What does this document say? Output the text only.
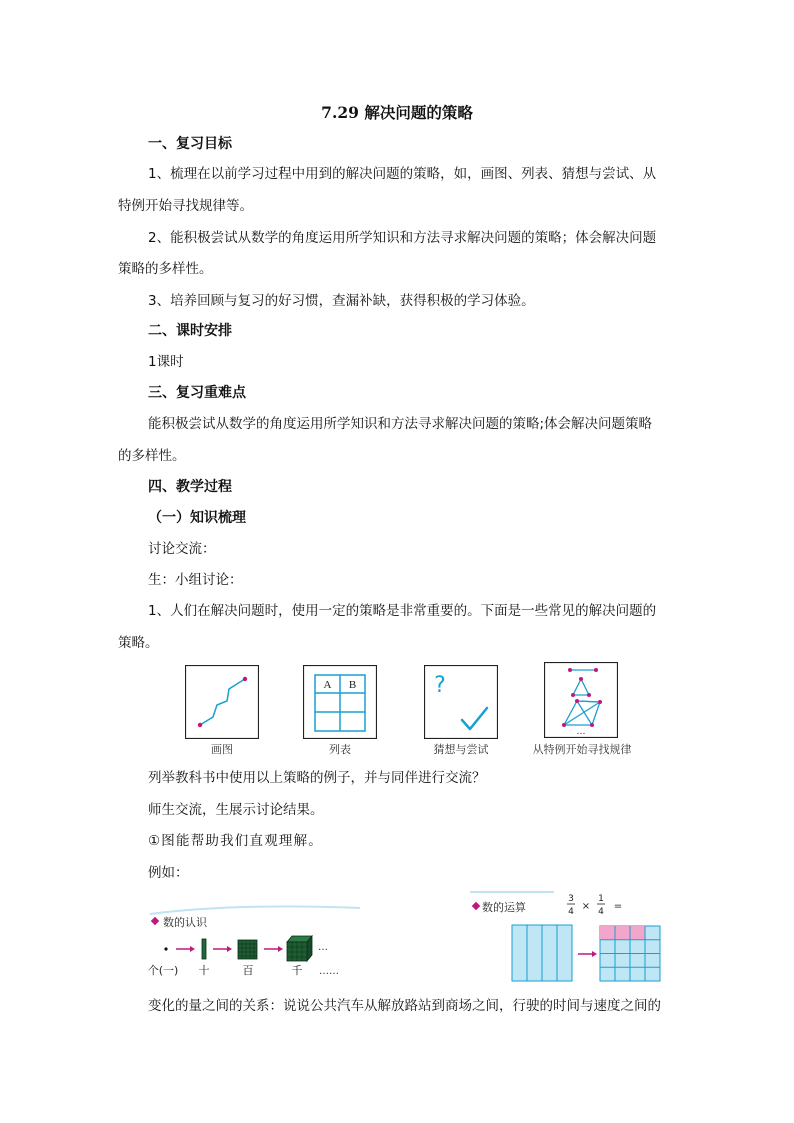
7.29 解决问题的策略
一、复习目标
1、梳理在以前学习过程中用到的解决问题的策略，如，画图、列表、猜想与尝试、从
特例开始寻找规律等。
2、能积极尝试从数学的角度运用所学知识和方法寻求解决问题的策略；体会解决问题
策略的多样性。
3、培养回顾与复习的好习惯，查漏补缺，获得积极的学习体验。
二、课时安排
1课时
三、复习重难点
能积极尝试从数学的角度运用所学知识和方法寻求解决问题的策略;体会解决问题策略
的多样性。
四、教学过程
（一）知识梳理
讨论交流：
生：小组讨论：
1、人们在解决问题时，使用一定的策略是非常重要的。下面是一些常见的解决问题的
策略。
画图
A B
列表
?
猜想与尝试
…
从特例开始寻找规律
列举教科书中使用以上策略的例子，并与同伴进行交流？
师生交流，生展示讨论结果。
①图能帮助我们直观理解。
例如：
数的认识
…
个(一) 十	百	千 ……
数的运算
3
4 ×
1
4 =
变化的量之间的关系：说说公共汽车从解放路站到商场之间，行驶的时间与速度之间的
